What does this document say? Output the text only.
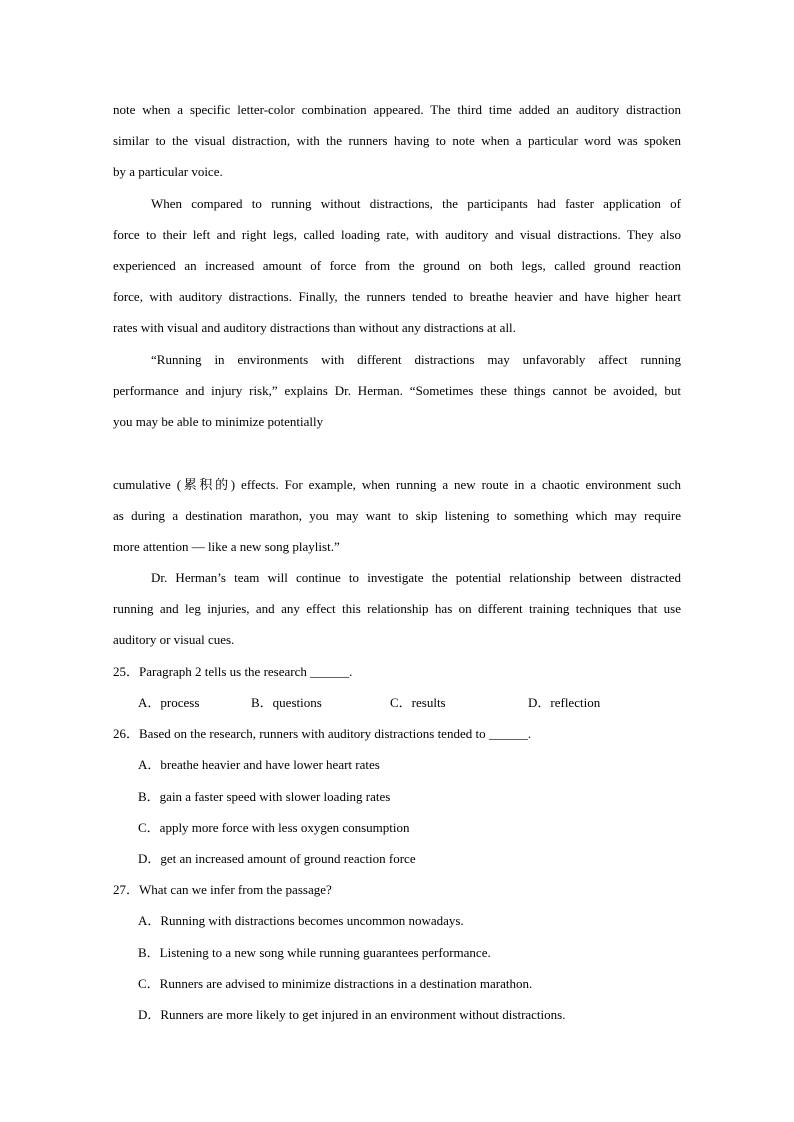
note when a specific letter-color combination appeared. The third time added an auditory distraction
similar to the visual distraction, with the runners having to note when a particular word was spoken
by a particular voice.
When compared to running without distractions, the participants had faster application of
force to their left and right legs, called loading rate, with auditory and visual distractions. They also
experienced an increased amount of force from the ground on both legs, called ground reaction
force, with auditory distractions. Finally, the runners tended to breathe heavier and have higher heart
rates with visual and auditory distractions than without any distractions at all.
“Running in environments with different distractions may unfavorably affect running
performance and injury risk,” explains Dr. Herman. “Sometimes these things cannot be avoided, but
you may be able to minimize potentially
cumulative (累积的) effects. For example, when running a new route in a chaotic environment such
as during a destination marathon, you may want to skip listening to something which may require
more attention — like a new song playlist.”
Dr. Herman’s team will continue to investigate the potential relationship between distracted
running and leg injuries, and any effect this relationship has on different training techniques that use
auditory or visual cues.
25．Paragraph 2 tells us the research ______.
A．process	B．questions	C．results	D．reflection
26．Based on the research, runners with auditory distractions tended to ______.
A．breathe heavier and have lower heart rates
B．gain a faster speed with slower loading rates
C．apply more force with less oxygen consumption
D．get an increased amount of ground reaction force
27．What can we infer from the passage?
A．Running with distractions becomes uncommon nowadays.
B．Listening to a new song while running guarantees performance.
C．Runners are advised to minimize distractions in a destination marathon.
D．Runners are more likely to get injured in an environment without distractions.
